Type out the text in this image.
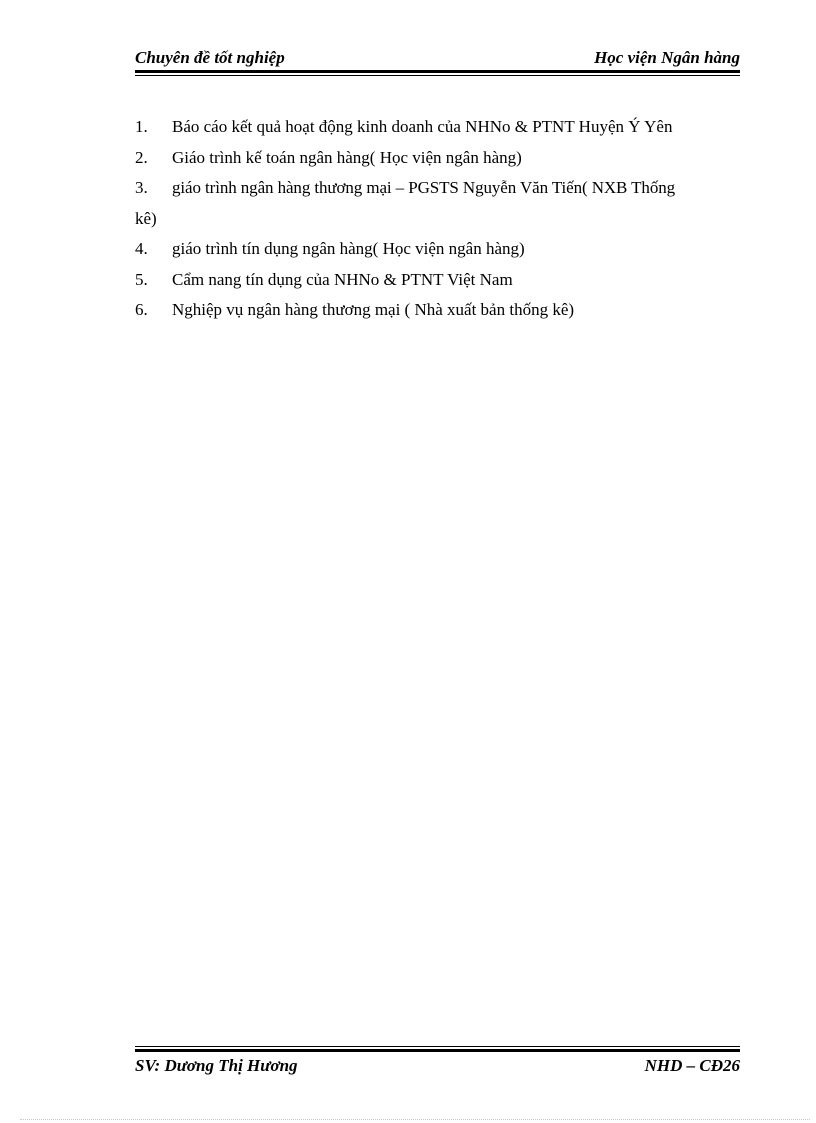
Chuyên đề tốt nghiệp	Học viện Ngân hàng
1. Báo cáo kết quả hoạt động kinh doanh của NHNo & PTNT Huyện Ý Yên
2. Giáo trình kế toán ngân hàng( Học viện ngân hàng)
3. giáo trình ngân hàng thương mại – PGSTS Nguyễn Văn Tiến( NXB Thống
kê)
4. giáo trình tín dụng ngân hàng( Học viện ngân hàng)
5. Cẩm nang tín dụng của NHNo & PTNT Việt Nam
6. Nghiệp vụ ngân hàng thương mại ( Nhà xuất bản thống kê)
SV: Dương Thị Hương	NHD – CĐ26
